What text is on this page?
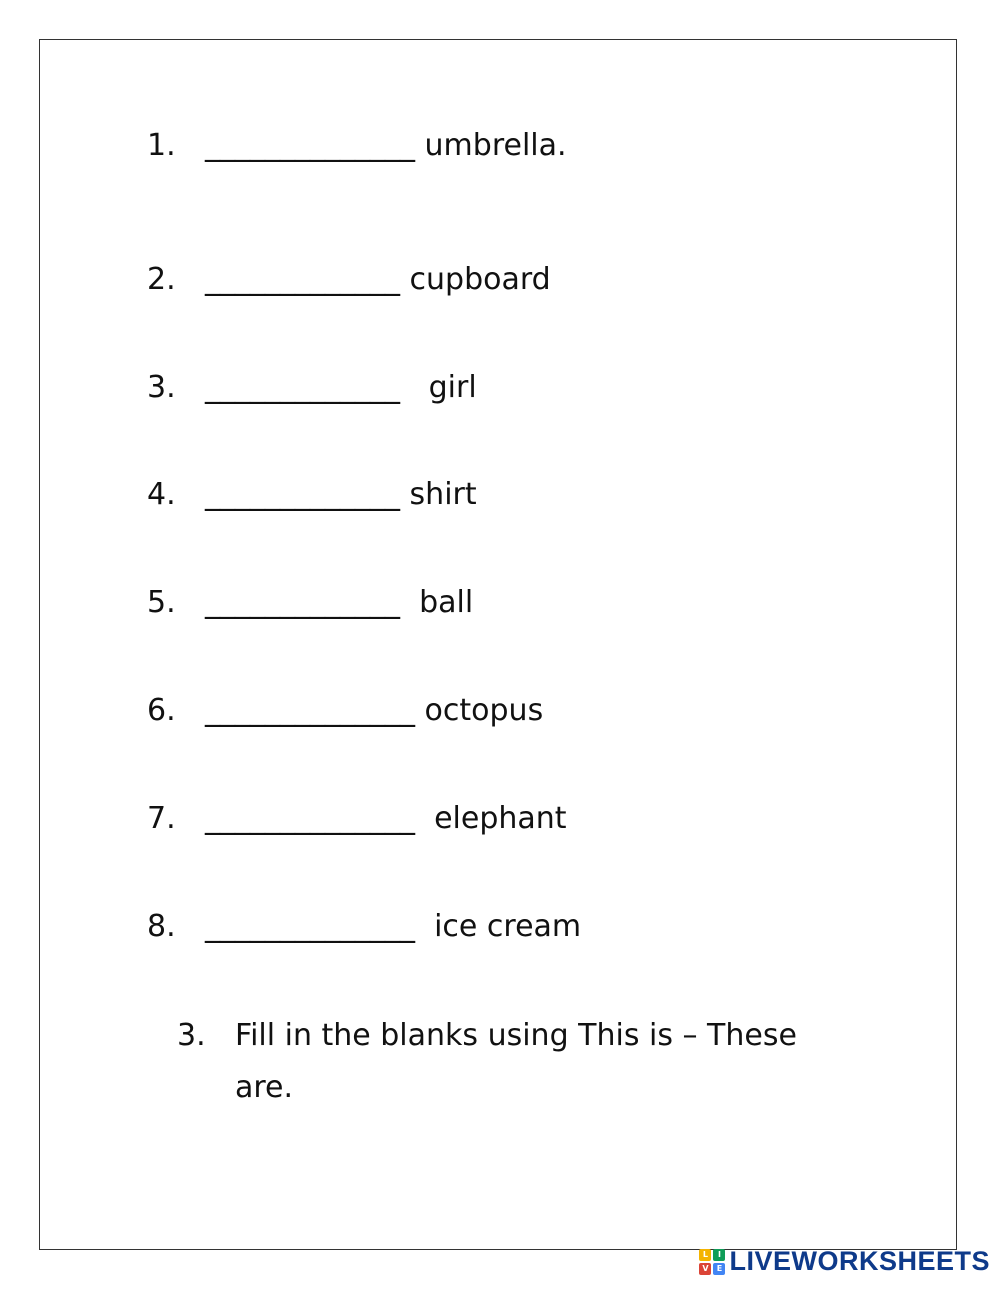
1. ______________ umbrella.
2. _____________ cupboard
3. _____________   girl
4. _____________ shirt
5. _____________  ball
6. ______________ octopus
7. ______________  elephant
8. ______________  ice cream
3. Fill in the blanks using This is – These are.
L	I
V	E LIVEWORKSHEETS
